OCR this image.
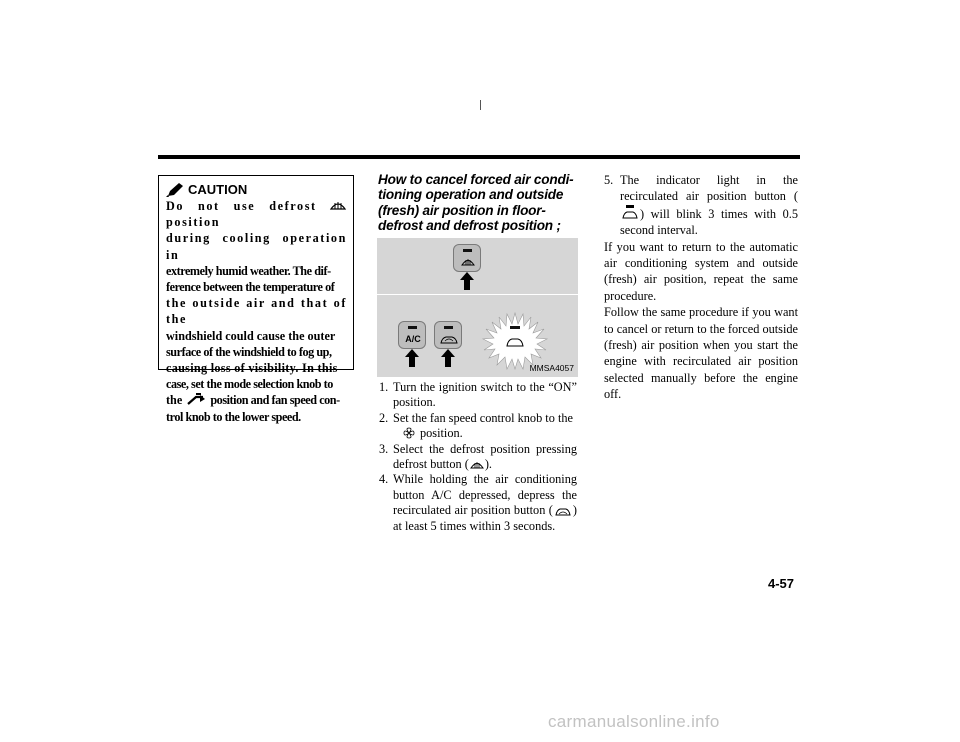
CAUTION

Do not use defrost  position
during cooling operation in
extremely humid weather. The dif-
ference between the temperature of
the outside air and that of the
windshield could cause the outer
surface of the windshield to fog up,
causing loss of visibility. In this
case, set the mode selection knob to
the position and fan speed con-
trol knob to the lower speed.

How to cancel forced air condi-tioning operation and outside (fresh) air position in floor-defrost and defrost position ;
A/C
MMSA4057
1. Turn the ignition switch to the “ON” position.
2. Set the fan speed control knob to the
position.
3. Select the defrost position pressing defrost button ( ).
4. While holding the air conditioning button A/C depressed, depress the recirculated air position button ( ) at least 5 times within 3 seconds.
5. The indicator light in the recirculated air position button () will blink 3 times with 0.5 second interval.

If you want to return to the automatic air conditioning system and outside (fresh) air position, repeat the same procedure.

Follow the same procedure if you want to cancel or return to the forced outside (fresh) air position when you start the engine with recirculated air position selected manually before the engine off.

4-57
carmanualsonline.info
